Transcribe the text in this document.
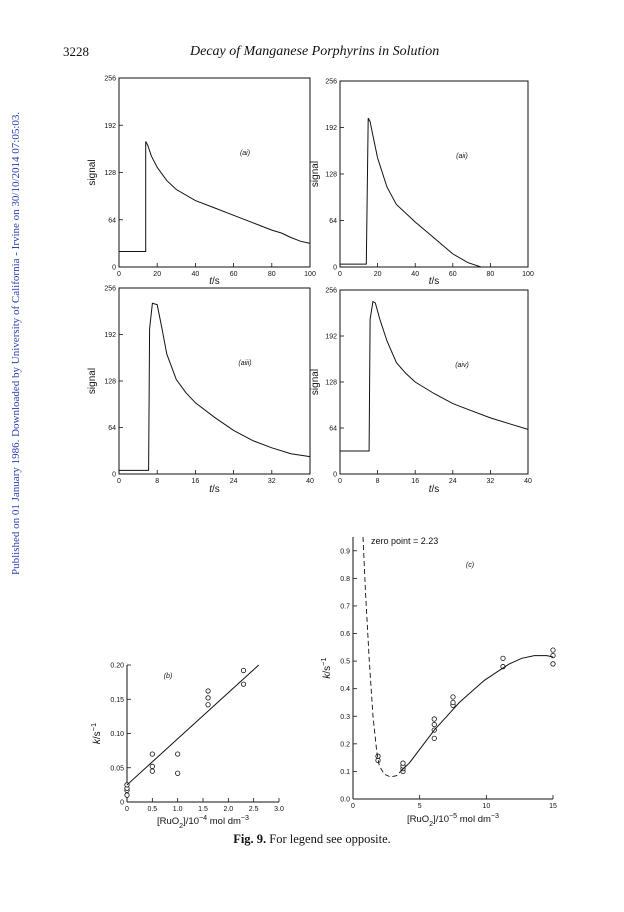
3228	Decay of Manganese Porphyrins in Solution
Published on 01 January 1986. Downloaded by University of California - Irvine on 30/10/2014 07:05:03.	0	20	40	60	80	100
0
64
128
192
256
(ai)
signal
t/s
0	20	40	60	80	100
0
64
128
192
256
(aii)
signal
t/s
0	8	16	24	32	40
0
64
128
192
256
(aiii)
signal
t/s
0	8	16	24	32	40
0
64
128
192
256
(aiv)
signal
t/s
0	0.5 1.0 1.5 2.0 2.5 3.0
0
0.05
0.10
0.15
0.20
(b)
$k/s^{-1}$
$[RuO_2]/10^{-4}$ mol $dm^{-3}$
0	5	10	15
0.0
0.1
0.2
0.3
0.4
0.5
0.6
0.7
0.8
0.9
(c)
$k/s^{-1}$
$[RuO_2]/10^{-5}$ mol $dm^{-3}$
zero point = 2.23
Fig. 9. For legend see opposite.
